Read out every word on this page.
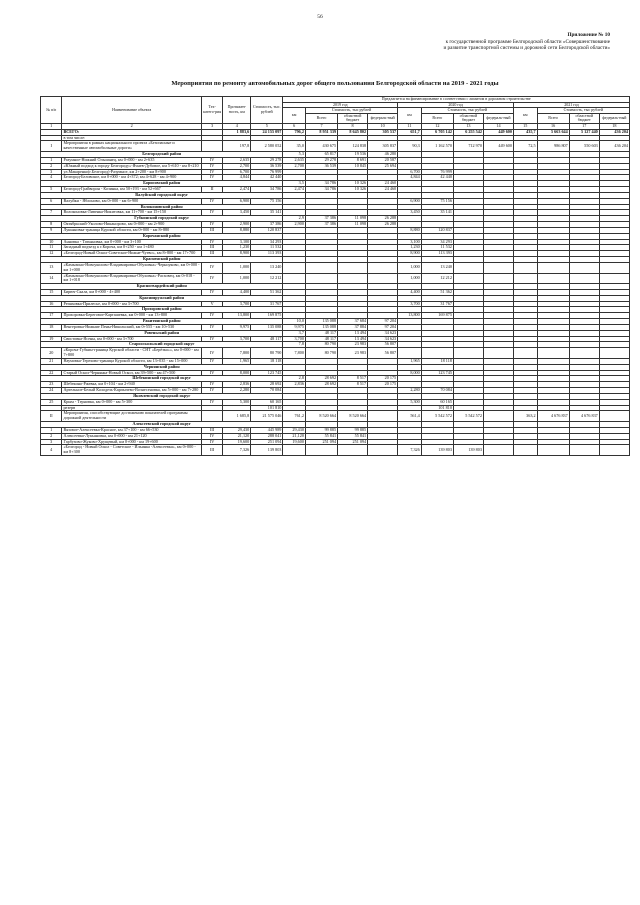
56
Приложение № 10
к государственной программе Белгородской области «Совершенствование
и развитие транспортной системы и дорожной сети Белгородской области»
Мероприятия по ремонту автомобильных дорог общего пользования Белгородской области на 2019 - 2021 годы
№ п/п	Наименование объекта	Тех-катего-рия	Протяжен-ность, км	Стоимость, тыс. рублей	Предлагается на финансирование в соответствии с лимитом в дорожном строительстве											
					2019 год				2020 год				2021 год			
					км	Стоимость, тыс рублей			км	Стоимость, тыс рублей			км	Стоимость, тыс рублей		
						Всего	областной бюджет	федераль-ный		Всего	областной бюджет	федераль-ный		Всего	областной бюджет	федераль-ный
1	2	3	4	5	6	7	8	10	11	12	13	14	15	16	17	18
	ВСЕГО:		1 883,6	24 155 097	796,2	8 951 339	8 645 802	305 537	651,7	6 705 142	6 255 542	449 600	435,7	5 663 644	5 127 440	436 204
	в том числе:															
I	Мероприятия в рамках национального проекта «Безопасные и качественные автомобильные дороги»		197,8	2 580 052	35,0	430 675	124 838	305 837	90,3	1 162 570	712 970	449 600	72,5	986 807	550 603	436 204
Белгородский район					5,3	65 817	19 536	46 280								
1	Разумное-Нижний Ольшанец, км 0+000 - км 2+635	IV	2,635	29 278	2,635	29 278	8 691	20 587								
2	«Южный подход к городу Белгороду»-Ячнев-Дубовое, км 5+610 - км 8+210	IV	2,700	36 539	2,700	36 539	10 845	25 694								
3	ул.Макаренко(г.Белгород)-Разумное, км 2+200 - км 8+900	IV	6,700	76 999					6,700	76 999						
4	Белгород-Беловское, км 0+000 - км 4+372; км 4+628 - км 4+900	IV	4,844	42 440					4,844	42 440						
Борисовский район					3,5	34 786	10 326	24 460								
5	Белгород-Грайворон - Козинка, км 50+193 - км 52+667	II	2,474	34 786	2,474	34 786	10 326	24 460								
Валуйский городской округ																
6	Валуйки - Яблоново, км 0+000 - км 6+900	IV	6,900	75 156					6,900	75 156						
Волоконовский район																
7	Волоконовка-Ливенка-Никитовка, км 11+700 - км 15+150	IV	3,450	35 141					3,450	35 141						
Губкинский городской округ					2,9	37 386	11 098	26 288								
8	Октябрьский-Уколово-Никанорово, км 0+000 - км 2+900	IV	2,900	37 386	2,900	37 386	11 098	26 288								
9	Лукьяновка-граница Курской области, км 0+000 - км 8+880	III	8,880	120 837					8,880	120 837						
Корочанский район																
10	Анновка - Татьяновка, км 0+000 - км 3+100	IV	3,100	34 293					3,100	34 293						
11	Западный подъезд к г.Короча, км 0+250 - км 1+480	III	1,230	11 532					1,230	11 532						
12	«Белгород-Новый Оскол-Советское-Нижне-Чуево», км 8+800 - км 17+700	III	8,900	113 393					8,900	113 393						
Красненский район																
13	«Камызино-Новоуколово-Владимировка-Обуховка»-Черноуково, км 0+000 - км 1+000	IV	1,000	13 240					1,000	13 240						
14	«Камызино-Новоуколово-Владимировка-Обуховка»-Расховец, км 0+018 - км 1+018	IV	1,000	12 212					1,000	12 212						
Красногвардейский район																
15	Бирюч-Скала, км 0+000 - 4+400	IV	4,400	51 362					4,400	51 362						
Краснояружский район																
16	Репяховка-Прилесье, км 0+000 - км 3+700	V	3,700	31 767					3,700	31 767						
Прохоровский район																
17	Прохоровка-Береговое-Карташевка, км 0+000 - км 13+800	IV	13,800	169 875					13,800	169 875						
Ракитянский район					10,0	135 088	37 684	97 204								
18	Венгеровка-Нижние Пены-Никольский, км 0+555 - км 10+530	IV	9,975	135 088	9,975	135 088	37 884	97 204								
Ровеньский район					3,7	48 117	13 494	34 623								
19	Свистовка-Ясены, км 0+000 - км 3+700	IV	3,700	48 117	3,700	48 117	13 494	34 623								
Старооскольский городской округ					7,8	80 790	23 983	56 807								
20	«Короча-Губкин-граница Курской области - СНТ «Берёзка»», км 0+000 - км 7+800	IV	7,800	80 790	7,800	80 790	23 983	56 807								
21	Наумовка-Терехово-граница Курской области, км 13+035 - км 15+000	IV	1,965	18 118					1,965	18 118						
Чернянский район																
22	Старый Оскол-Чернянка-Новый Оскол, км 39+500 - км 47+500	IV	8,000	123 745					8,000	123 745						
Шебекинский городской округ					2,8	28 692	8 517	20 175								
23	Шебекино-Ржевка, км 0+104 - км 2+940	IV	2,836	28 692	2,836	28 692	8 517	20 175								
24	Артельное-Белый Колодезь-Карпычево-Вознесеновка, км 5+000 - км 7+280	IV	2,280	70 084					2,280	70 084						
Яковлевский городской округ																
25	Крым - Терновка, км 0+000 - км 5+300	IV	5,300	60 165					5,300	60 165						
	резерв			101 810						101 810						
II	Мероприятия, способствующие достижению показателей программы дорожной деятельности		1 685,8	21 575 046	761,2	8 520 664	8 520 664		561,4	5 542 572	5 542 572		363,2	4 676 837	4 676 837	
Алексеевский городской округ																
1	Вязовое-Алексеевка-Красное, км 37+100 - км 66+530	III	29,430	445 989	29,430	99 885	99 885									
2	Алексеевка-Лукьяновка, км 0+000 - км 21+120	IV	21,120	288 041	21,120	55 841	55 841									
3	Гарбузово-Жуково-Хрущевый, км 0+000 - км 19+600	IV	19,600	251 094	19,600	251 094	251 094									
4	«Белгород - Новый Оскол - Советское - Ильинка -Алексеевка», км 0+000 - км 8+300	III	7,326	139 803					7,326	139 803	139 803					
